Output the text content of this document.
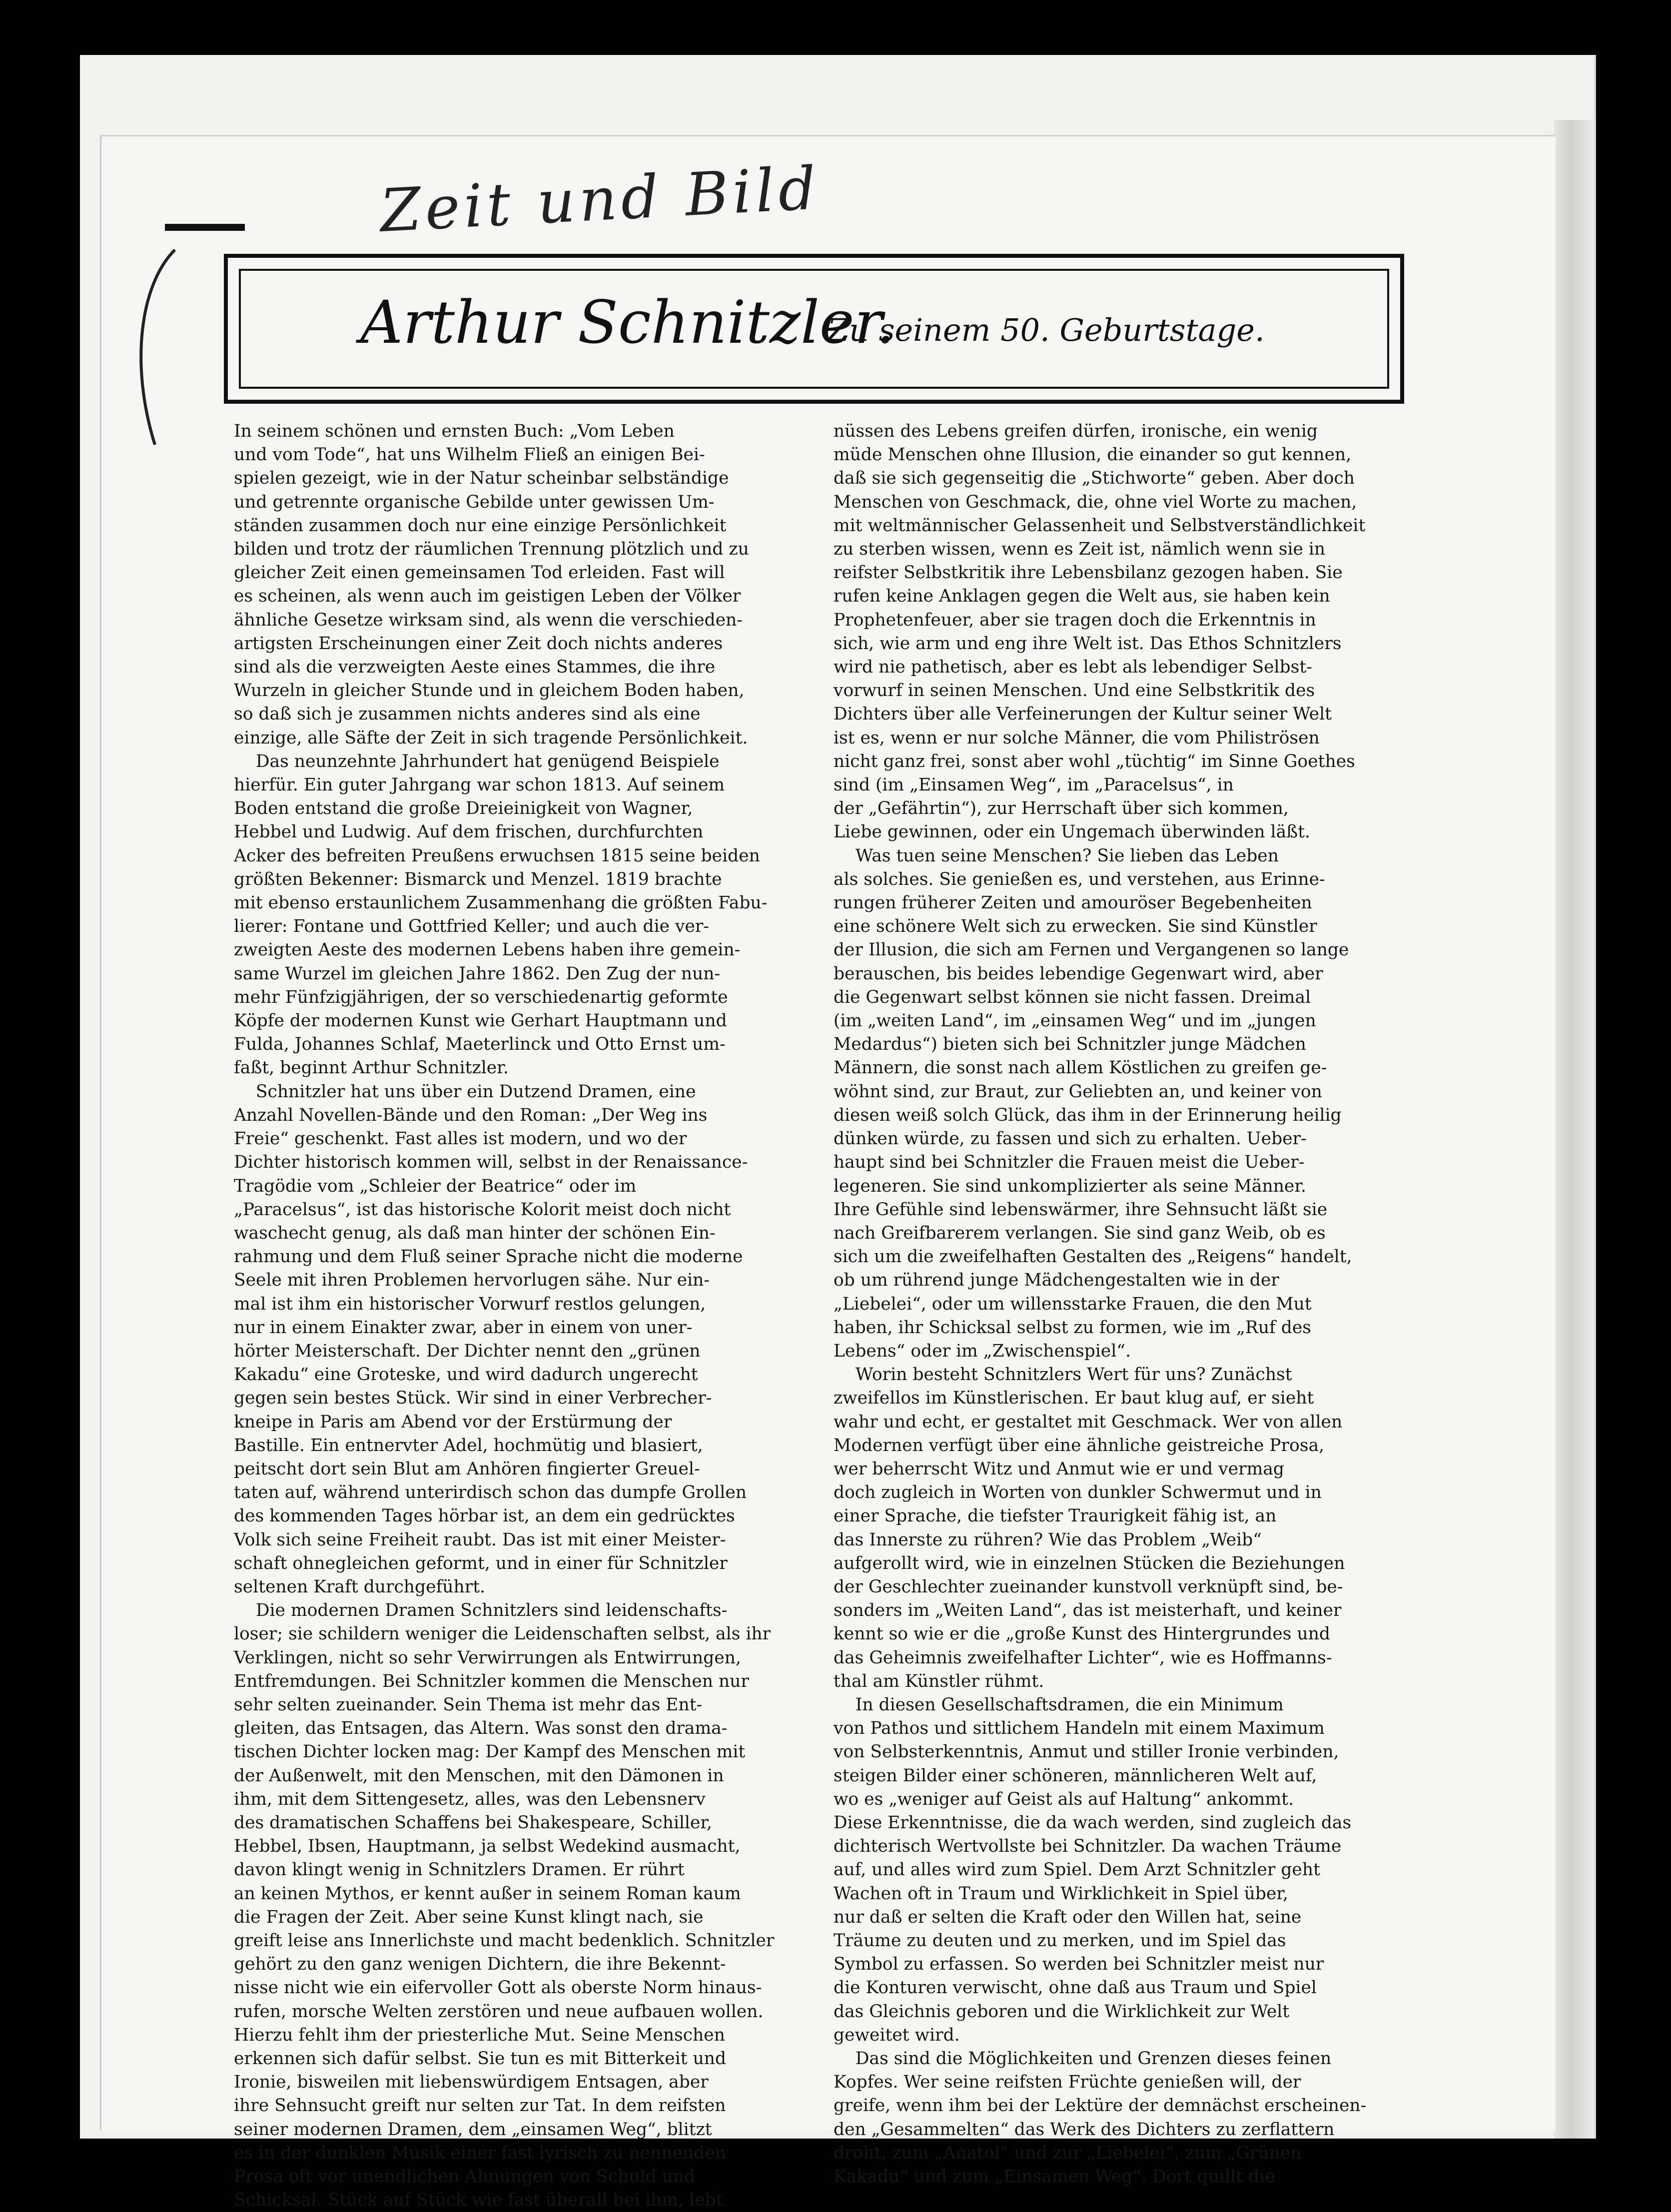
Zeit und Bild
Arthur Schnitzler.
Zu seinem 50. Geburtstage.
In seinem schönen und ernsten Buch: „Vom Leben
und vom Tode“, hat uns Wilhelm Fließ an einigen Bei-
spielen gezeigt, wie in der Natur scheinbar selbständige
und getrennte organische Gebilde unter gewissen Um-
ständen zusammen doch nur eine einzige Persönlichkeit
bilden und trotz der räumlichen Trennung plötzlich und zu
gleicher Zeit einen gemeinsamen Tod erleiden. Fast will
es scheinen, als wenn auch im geistigen Leben der Völker
ähnliche Gesetze wirksam sind, als wenn die verschieden-
artigsten Erscheinungen einer Zeit doch nichts anderes
sind als die verzweigten Aeste eines Stammes, die ihre
Wurzeln in gleicher Stunde und in gleichem Boden haben,
so daß sich je zusammen nichts anderes sind als eine
einzige, alle Säfte der Zeit in sich tragende Persönlichkeit.
Das neunzehnte Jahrhundert hat genügend Beispiele
hierfür. Ein guter Jahrgang war schon 1813. Auf seinem
Boden entstand die große Dreieinigkeit von Wagner,
Hebbel und Ludwig. Auf dem frischen, durchfurchten
Acker des befreiten Preußens erwuchsen 1815 seine beiden
größten Bekenner: Bismarck und Menzel. 1819 brachte
mit ebenso erstaunlichem Zusammenhang die größten Fabu-
lierer: Fontane und Gottfried Keller; und auch die ver-
zweigten Aeste des modernen Lebens haben ihre gemein-
same Wurzel im gleichen Jahre 1862. Den Zug der nun-
mehr Fünfzigjährigen, der so verschiedenartig geformte
Köpfe der modernen Kunst wie Gerhart Hauptmann und
Fulda, Johannes Schlaf, Maeterlinck und Otto Ernst um-
faßt, beginnt Arthur Schnitzler.
Schnitzler hat uns über ein Dutzend Dramen, eine
Anzahl Novellen-Bände und den Roman: „Der Weg ins
Freie“ geschenkt. Fast alles ist modern, und wo der
Dichter historisch kommen will, selbst in der Renaissance-
Tragödie vom „Schleier der Beatrice“ oder im
„Paracelsus“, ist das historische Kolorit meist doch nicht
waschecht genug, als daß man hinter der schönen Ein-
rahmung und dem Fluß seiner Sprache nicht die moderne
Seele mit ihren Problemen hervorlugen sähe. Nur ein-
mal ist ihm ein historischer Vorwurf restlos gelungen,
nur in einem Einakter zwar, aber in einem von uner-
hörter Meisterschaft. Der Dichter nennt den „grünen
Kakadu“ eine Groteske, und wird dadurch ungerecht
gegen sein bestes Stück. Wir sind in einer Verbrecher-
kneipe in Paris am Abend vor der Erstürmung der
Bastille. Ein entnervter Adel, hochmütig und blasiert,
peitscht dort sein Blut am Anhören fingierter Greuel-
taten auf, während unterirdisch schon das dumpfe Grollen
des kommenden Tages hörbar ist, an dem ein gedrücktes
Volk sich seine Freiheit raubt. Das ist mit einer Meister-
schaft ohnegleichen geformt, und in einer für Schnitzler
seltenen Kraft durchgeführt.
Die modernen Dramen Schnitzlers sind leidenschafts-
loser; sie schildern weniger die Leidenschaften selbst, als ihr
Verklingen, nicht so sehr Verwirrungen als Entwirrungen,
Entfremdungen. Bei Schnitzler kommen die Menschen nur
sehr selten zueinander. Sein Thema ist mehr das Ent-
gleiten, das Entsagen, das Altern. Was sonst den drama-
tischen Dichter locken mag: Der Kampf des Menschen mit
der Außenwelt, mit den Menschen, mit den Dämonen in
ihm, mit dem Sittengesetz, alles, was den Lebensnerv
des dramatischen Schaffens bei Shakespeare, Schiller,
Hebbel, Ibsen, Hauptmann, ja selbst Wedekind ausmacht,
davon klingt wenig in Schnitzlers Dramen. Er rührt
an keinen Mythos, er kennt außer in seinem Roman kaum
die Fragen der Zeit. Aber seine Kunst klingt nach, sie
greift leise ans Innerlichste und macht bedenklich. Schnitzler
gehört zu den ganz wenigen Dichtern, die ihre Bekennt-
nisse nicht wie ein eifervoller Gott als oberste Norm hinaus-
rufen, morsche Welten zerstören und neue aufbauen wollen.
Hierzu fehlt ihm der priesterliche Mut. Seine Menschen
erkennen sich dafür selbst. Sie tun es mit Bitterkeit und
Ironie, bisweilen mit liebenswürdigem Entsagen, aber
ihre Sehnsucht greift nur selten zur Tat. In dem reifsten
seiner modernen Dramen, dem „einsamen Weg“, blitzt
es in der dunklen Musik einer fast lyrisch zu nennenden
Prosa oft vor unendlichen Ahnungen von Schuld und
Schicksal. Stück auf Stück wie fast überall bei ihm, lebt
nüssen des Lebens greifen dürfen, ironische, ein wenig
müde Menschen ohne Illusion, die einander so gut kennen,
daß sie sich gegenseitig die „Stichworte“ geben. Aber doch
Menschen von Geschmack, die, ohne viel Worte zu machen,
mit weltmännischer Gelassenheit und Selbstverständlichkeit
zu sterben wissen, wenn es Zeit ist, nämlich wenn sie in
reifster Selbstkritik ihre Lebensbilanz gezogen haben. Sie
rufen keine Anklagen gegen die Welt aus, sie haben kein
Prophetenfeuer, aber sie tragen doch die Erkenntnis in
sich, wie arm und eng ihre Welt ist. Das Ethos Schnitzlers
wird nie pathetisch, aber es lebt als lebendiger Selbst-
vorwurf in seinen Menschen. Und eine Selbstkritik des
Dichters über alle Verfeinerungen der Kultur seiner Welt
ist es, wenn er nur solche Männer, die vom Philiströsen
nicht ganz frei, sonst aber wohl „tüchtig“ im Sinne Goethes
sind (im „Einsamen Weg“, im „Paracelsus“, in
der „Gefährtin“), zur Herrschaft über sich kommen,
Liebe gewinnen, oder ein Ungemach überwinden läßt.
Was tuen seine Menschen? Sie lieben das Leben
als solches. Sie genießen es, und verstehen, aus Erinne-
rungen früherer Zeiten und amouröser Begebenheiten
eine schönere Welt sich zu erwecken. Sie sind Künstler
der Illusion, die sich am Fernen und Vergangenen so lange
berauschen, bis beides lebendige Gegenwart wird, aber
die Gegenwart selbst können sie nicht fassen. Dreimal
(im „weiten Land“, im „einsamen Weg“ und im „jungen
Medardus“) bieten sich bei Schnitzler junge Mädchen
Männern, die sonst nach allem Köstlichen zu greifen ge-
wöhnt sind, zur Braut, zur Geliebten an, und keiner von
diesen weiß solch Glück, das ihm in der Erinnerung heilig
dünken würde, zu fassen und sich zu erhalten. Ueber-
haupt sind bei Schnitzler die Frauen meist die Ueber-
legeneren. Sie sind unkomplizierter als seine Männer.
Ihre Gefühle sind lebenswärmer, ihre Sehnsucht läßt sie
nach Greifbarerem verlangen. Sie sind ganz Weib, ob es
sich um die zweifelhaften Gestalten des „Reigens“ handelt,
ob um rührend junge Mädchengestalten wie in der
„Liebelei“, oder um willensstarke Frauen, die den Mut
haben, ihr Schicksal selbst zu formen, wie im „Ruf des
Lebens“ oder im „Zwischenspiel“.
Worin besteht Schnitzlers Wert für uns? Zunächst
zweifellos im Künstlerischen. Er baut klug auf, er sieht
wahr und echt, er gestaltet mit Geschmack. Wer von allen
Modernen verfügt über eine ähnliche geistreiche Prosa,
wer beherrscht Witz und Anmut wie er und vermag
doch zugleich in Worten von dunkler Schwermut und in
einer Sprache, die tiefster Traurigkeit fähig ist, an
das Innerste zu rühren? Wie das Problem „Weib“
aufgerollt wird, wie in einzelnen Stücken die Beziehungen
der Geschlechter zueinander kunstvoll verknüpft sind, be-
sonders im „Weiten Land“, das ist meisterhaft, und keiner
kennt so wie er die „große Kunst des Hintergrundes und
das Geheimnis zweifelhafter Lichter“, wie es Hoffmanns-
thal am Künstler rühmt.
In diesen Gesellschaftsdramen, die ein Minimum
von Pathos und sittlichem Handeln mit einem Maximum
von Selbsterkenntnis, Anmut und stiller Ironie verbinden,
steigen Bilder einer schöneren, männlicheren Welt auf,
wo es „weniger auf Geist als auf Haltung“ ankommt.
Diese Erkenntnisse, die da wach werden, sind zugleich das
dichterisch Wertvollste bei Schnitzler. Da wachen Träume
auf, und alles wird zum Spiel. Dem Arzt Schnitzler geht
Wachen oft in Traum und Wirklichkeit in Spiel über,
nur daß er selten die Kraft oder den Willen hat, seine
Träume zu deuten und zu merken, und im Spiel das
Symbol zu erfassen. So werden bei Schnitzler meist nur
die Konturen verwischt, ohne daß aus Traum und Spiel
das Gleichnis geboren und die Wirklichkeit zur Welt
geweitet wird.
Das sind die Möglichkeiten und Grenzen dieses feinen
Kopfes. Wer seine reifsten Früchte genießen will, der
greife, wenn ihm bei der Lektüre der demnächst erscheinen-
den „Gesammelten“ das Werk des Dichters zu zerflattern
droht, zum „Anatol“ und zur „Liebelei“, zum „Grünen
Kakadu“ und zum „Einsamen Weg“. Dort quillt die
